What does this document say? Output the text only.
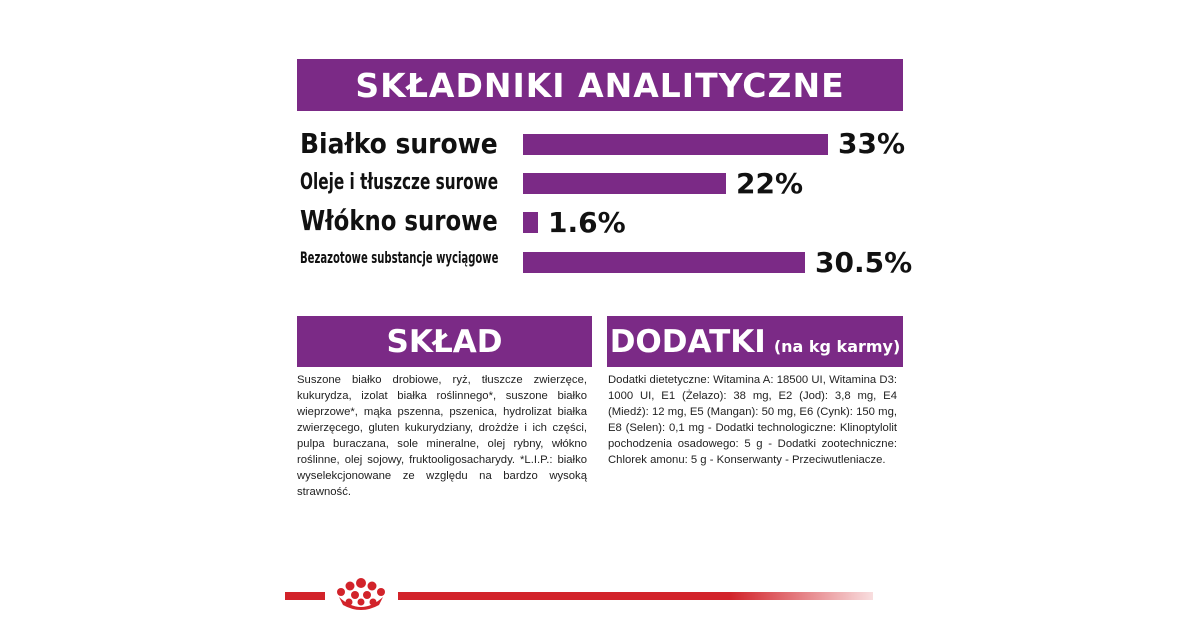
SKŁADNIKI ANALITYCZNE
Białko surowe	33%
Oleje i tłuszcze surowe	22%
Włókno surowe 1.6%
Bezazotowe substancje wyciągowe	30.5%
SKŁAD	DODATKI (na kg karmy)
Suszone białko drobiowe, ryż, tłuszcze zwierzęce, kukurydza, izolat białka roślinnego*, suszone białko wieprzowe*, mąka pszenna, pszenica, hydrolizat białka zwierzęcego, gluten kukurydziany, drożdże i ich części, pulpa buraczana, sole mineralne, olej rybny, włókno roślinne, olej sojowy, fruktooligosacharydy. *L.I.P.: białko wyselekcjonowane ze względu na bardzo wysoką strawność.
Dodatki dietetyczne: Witamina A: 18500 UI, Witamina D3: 1000 UI, E1 (Żelazo): 38 mg, E2 (Jod): 3,8 mg, E4 (Miedź): 12 mg, E5 (Mangan): 50 mg, E6 (Cynk): 150 mg, E8 (Selen): 0,1 mg - Dodatki technologiczne: Klinoptylolit pochodzenia osadowego: 5 g - Dodatki zootechniczne: Chlorek amonu: 5 g - Konserwanty - Przeciwutleniacze.
